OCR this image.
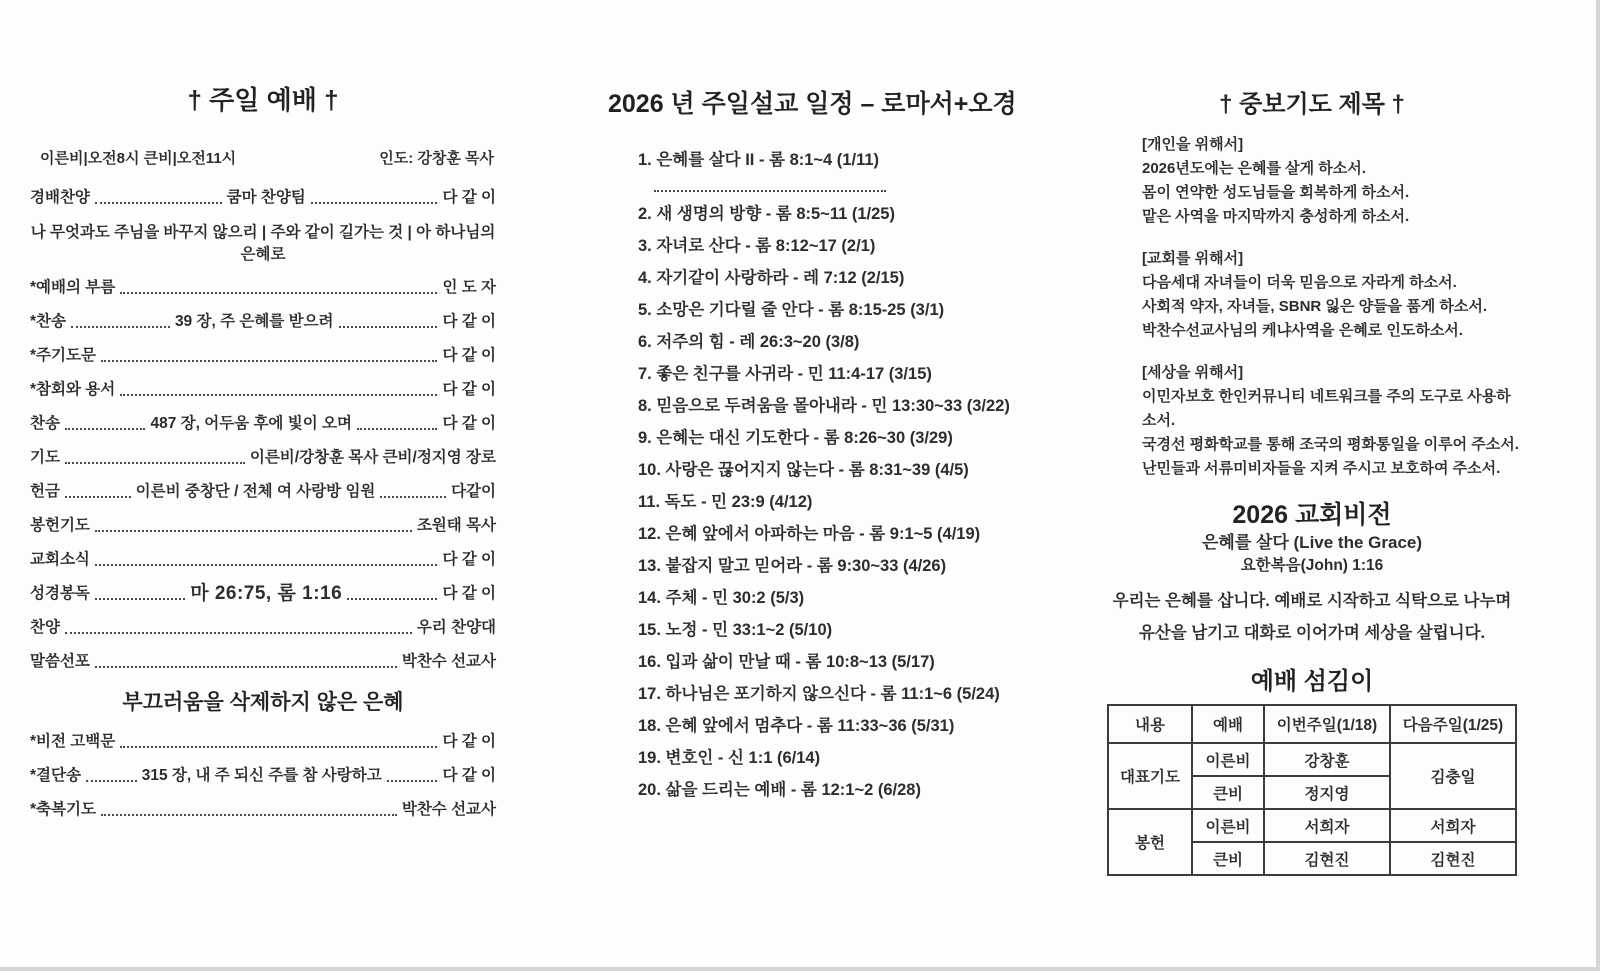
† 주일 예배 †
이른비|오전8시 큰비|오전11시	인도: 강창훈 목사
경배찬양	쿰마 찬양팀	다 같 이
나 무엇과도 주님을 바꾸지 않으리 | 주와 같이 길가는 것 | 아 하나님의 은혜로
*예배의 부름	인 도 자
*찬송	39 장, 주 은혜를 받으려	다 같 이
*주기도문	다 같 이
*참회와 용서	다 같 이
찬송	487 장, 어두움 후에 빛이 오며	다 같 이
기도	이른비/강창훈 목사 큰비/정지영 장로
헌금	이른비 중창단 / 전체 여 사랑방 임원	다같이
봉헌기도	조원태 목사
교회소식	다 같 이
성경봉독	마 26:75, 롬 1:16	다 같 이
찬양	우리 찬양대
말씀선포	박찬수 선교사
부끄러움을 삭제하지 않은 은혜
*비전 고백문	다 같 이
*결단송	315 장, 내 주 되신 주를 참 사랑하고	다 같 이
*축복기도	박찬수 선교사
2026 년 주일설교 일정 – 로마서+오경
1. 은혜를 살다 II - 롬 8:1~4 (1/11)
2. 새 생명의 방향 - 롬 8:5~11 (1/25)
3. 자녀로 산다 - 롬 8:12~17 (2/1)
4. 자기같이 사랑하라 - 레 7:12 (2/15)
5. 소망은 기다릴 줄 안다 - 롬 8:15-25 (3/1)
6. 저주의 힘 - 레 26:3~20 (3/8)
7. 좋은 친구를 사귀라 - 민 11:4-17 (3/15)
8. 믿음으로 두려움을 몰아내라 - 민 13:30~33 (3/22)
9. 은혜는 대신 기도한다 - 롬 8:26~30 (3/29)
10. 사랑은 끊어지지 않는다 - 롬 8:31~39 (4/5)
11. 독도 - 민 23:9 (4/12)
12. 은혜 앞에서 아파하는 마음 - 롬 9:1~5 (4/19)
13. 붙잡지 말고 믿어라 - 롬 9:30~33 (4/26)
14. 주체 - 민 30:2 (5/3)
15. 노정 - 민 33:1~2 (5/10)
16. 입과 삶이 만날 때 - 롬 10:8~13 (5/17)
17. 하나님은 포기하지 않으신다 - 롬 11:1~6 (5/24)
18. 은혜 앞에서 멈추다 - 롬 11:33~36 (5/31)
19. 변호인 - 신 1:1 (6/14)
20. 삶을 드리는 예배 - 롬 12:1~2 (6/28)
† 중보기도 제목 †
[개인을 위해서]
2026년도에는 은혜를 살게 하소서.
몸이 연약한 성도님들을 회복하게 하소서.
맡은 사역을 마지막까지 충성하게 하소서.
[교회를 위해서]
다음세대 자녀들이 더욱 믿음으로 자라게 하소서.
사회적 약자, 자녀들, SBNR 잃은 양들을 품게 하소서.
박찬수선교사님의 케냐사역을 은혜로 인도하소서.
[세상을 위해서]
이민자보호 한인커뮤니티 네트워크를 주의 도구로 사용하소서.
국경선 평화학교를 통해 조국의 평화통일을 이루어 주소서.
난민들과 서류미비자들을 지켜 주시고 보호하여 주소서.
2026 교회비전
은혜를 살다 (Live the Grace)
요한복음(John) 1:16
우리는 은혜를 삽니다. 예배로 시작하고 식탁으로 나누며
유산을 남기고 대화로 이어가며 세상을 살립니다.
예배 섬김이
내용	예배	이번주일(1/18)	다음주일(1/25)
대표기도	이른비	강창훈	김충일
	큰비	정지영	
봉헌	이른비	서희자	서희자
	큰비	김현진	김현진
